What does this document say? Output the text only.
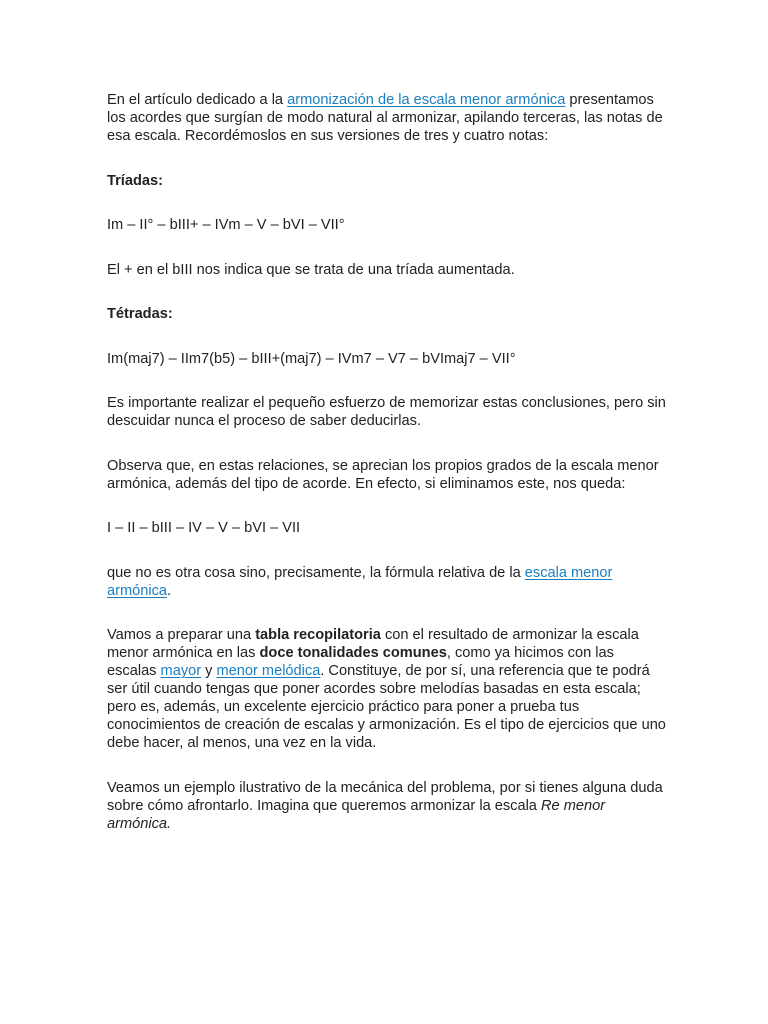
En el artículo dedicado a la armonización de la escala menor armónica presentamos los acordes que surgían de modo natural al armonizar, apilando terceras, las notas de esa escala. Recordémoslos en sus versiones de tres y cuatro notas:

Tríadas:

Im – II° – bIII+ – IVm – V – bVI – VII°

El + en el bIII nos indica que se trata de una tríada aumentada.

Tétradas:

Im(maj7) – IIm7(b5) – bIII+(maj7) – IVm7 – V7 – bVImaj7 – VII°

Es importante realizar el pequeño esfuerzo de memorizar estas conclusiones, pero sin descuidar nunca el proceso de saber deducirlas.

Observa que, en estas relaciones, se aprecian los propios grados de la escala menor armónica, además del tipo de acorde. En efecto, si eliminamos este, nos queda:

I – II – bIII – IV – V – bVI – VII

que no es otra cosa sino, precisamente, la fórmula relativa de la escala menor armónica.

Vamos a preparar una tabla recopilatoria con el resultado de armonizar la escala menor armónica en las doce tonalidades comunes, como ya hicimos con las escalas mayor y menor melódica. Constituye, de por sí, una referencia que te podrá ser útil cuando tengas que poner acordes sobre melodías basadas en esta escala; pero es, además, un excelente ejercicio práctico para poner a prueba tus conocimientos de creación de escalas y armonización. Es el tipo de ejercicios que uno debe hacer, al menos, una vez en la vida.

Veamos un ejemplo ilustrativo de la mecánica del problema, por si tienes alguna duda sobre cómo afrontarlo. Imagina que queremos armonizar la escala Re menor armónica.
